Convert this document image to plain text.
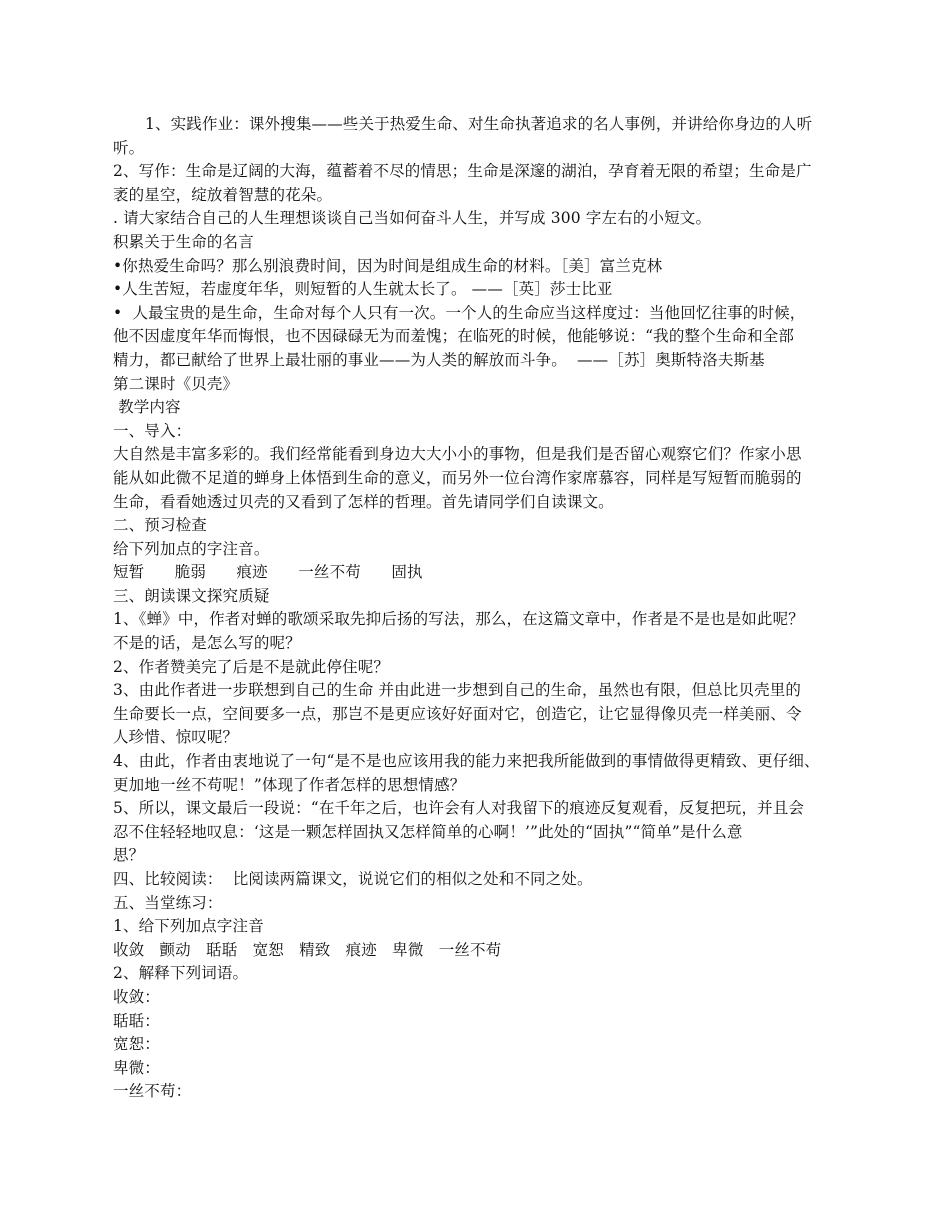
1、实践作业：课外搜集——些关于热爱生命、对生命执著追求的名人事例，并讲给你身边的人听
听。
2、写作：生命是辽阔的大海，蕴蓄着不尽的情思；生命是深邃的湖泊，孕育着无限的希望；生命是广
袤的星空，绽放着智慧的花朵。
. 请大家结合自己的人生理想谈谈自己当如何奋斗人生，并写成 300 字左右的小短文。
积累关于生命的名言
•你热爱生命吗？那么别浪费时间，因为时间是组成生命的材料。［美］富兰克林
•人生苦短，若虚度年华，则短暂的人生就太长了。 ——［英］莎士比亚
•  人最宝贵的是生命，生命对每个人只有一次。一个人的生命应当这样度过：当他回忆往事的时候，
他不因虚度年华而悔恨，也不因碌碌无为而羞愧；在临死的时候，他能够说：“我的整个生命和全部
精力，都已献给了世界上最壮丽的事业——为人类的解放而斗争。  ——［苏］奥斯特洛夫斯基
第二课时《贝壳》
教学内容
一、导入：
大自然是丰富多彩的。我们经常能看到身边大大小小的事物，但是我们是否留心观察它们？作家小思
能从如此微不足道的蝉身上体悟到生命的意义，而另外一位台湾作家席慕容，同样是写短暂而脆弱的
生命，看看她透过贝壳的又看到了怎样的哲理。首先请同学们自读课文。
二、预习检查
给下列加点的字注音。
短暂      脆弱      痕迹      一丝不苟      固执
三、朗读课文探究质疑
1、《蝉》中，作者对蝉的歌颂采取先抑后扬的写法，那么，在这篇文章中，作者是不是也是如此呢？
不是的话，是怎么写的呢？
2、作者赞美完了后是不是就此停住呢？
3、由此作者进一步联想到自己的生命 并由此进一步想到自己的生命，虽然也有限，但总比贝壳里的
生命要长一点，空间要多一点，那岂不是更应该好好面对它，创造它，让它显得像贝壳一样美丽、令
人珍惜、惊叹呢？
4、由此，作者由衷地说了一句“是不是也应该用我的能力来把我所能做到的事情做得更精致、更仔细、
更加地一丝不苟呢！”体现了作者怎样的思想情感？
5、所以，课文最后一段说：“在千年之后，也许会有人对我留下的痕迹反复观看，反复把玩，并且会
忍不住轻轻地叹息：‘这是一颗怎样固执又怎样简单的心啊！’”此处的“固执”“简单”是什么意
思？
四、比较阅读：  比阅读两篇课文，说说它们的相似之处和不同之处。
五、当堂练习：
1、给下列加点字注音
收敛   颤动   聒聒   宽恕   精致   痕迹   卑微   一丝不苟
2、解释下列词语。
收敛：
聒聒：
宽恕：
卑微：
一丝不苟：
